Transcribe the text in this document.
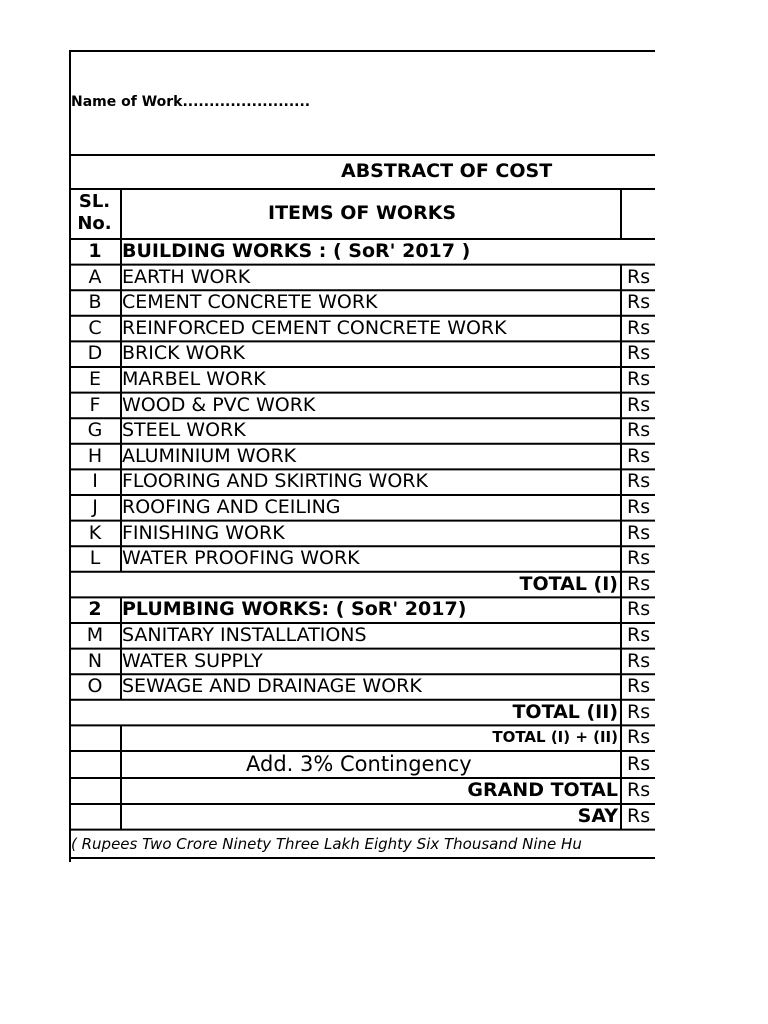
Name of Work........................
ABSTRACT OF COST
SL.
No.	ITEMS OF WORKS
1	BUILDING WORKS : ( SoR' 2017 )
A	EARTH WORK	Rs
B	CEMENT CONCRETE WORK	Rs
C	REINFORCED CEMENT CONCRETE WORK	Rs
D	BRICK WORK	Rs
E	MARBEL WORK	Rs
F	WOOD & PVC WORK	Rs
G	STEEL WORK	Rs
H	ALUMINIUM WORK	Rs
I	FLOORING AND SKIRTING WORK	Rs
J	ROOFING AND CEILING	Rs
K	FINISHING WORK	Rs
L	WATER PROOFING WORK	Rs
TOTAL (I) Rs
2	PLUMBING WORKS: ( SoR' 2017)	Rs
M SANITARY INSTALLATIONS	Rs
N	WATER SUPPLY	Rs
O	SEWAGE AND DRAINAGE WORK	Rs
TOTAL (II) Rs
TOTAL (I) + (II) Rs
Add. 3% Contingency	Rs
GRAND TOTAL Rs
SAY Rs
( Rupees Two Crore Ninety Three Lakh Eighty Six Thousand Nine Hu
